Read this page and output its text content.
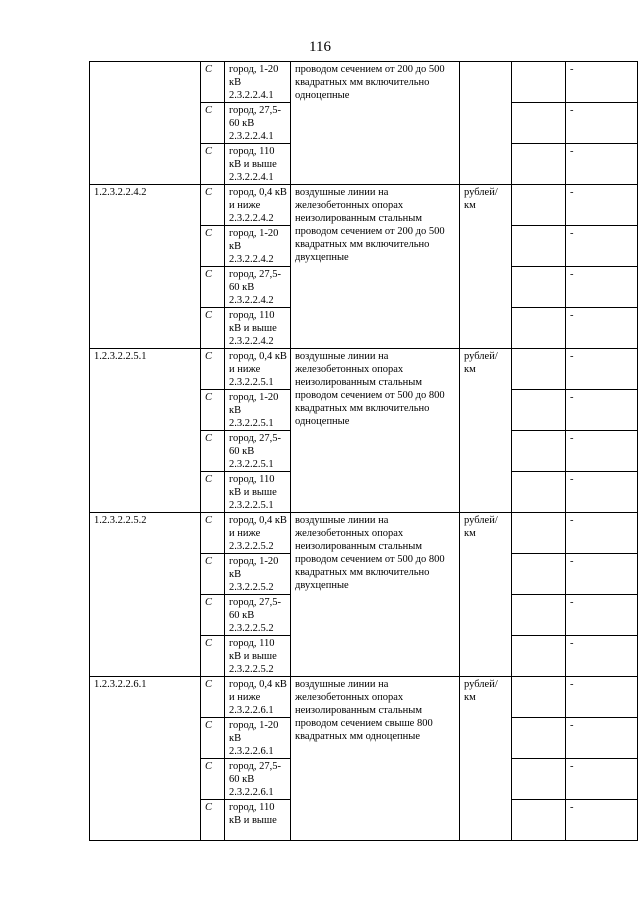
116
	С	город, 1-20 кВ 2.3.2.2.4.1	проводом сечением от 200 до 500 квадратных мм включительно одноцепные			-
	С	город, 27,5-60 кВ 2.3.2.2.4.1				-
	С	город, 110 кВ и выше 2.3.2.2.4.1				-
1.2.3.2.2.4.2	С	город, 0,4 кВ и ниже 2.3.2.2.4.2	воздушные линии на железобетонных опорах неизолированным стальным проводом сечением от 200 до 500 квадратных мм включительно двухцепные	рублей/км		-
	С	город, 1-20 кВ 2.3.2.2.4.2				-
	С	город, 27,5-60 кВ 2.3.2.2.4.2				-
	С	город, 110 кВ и выше 2.3.2.2.4.2				-
1.2.3.2.2.5.1	С	город, 0,4 кВ и ниже 2.3.2.2.5.1	воздушные линии на железобетонных опорах неизолированным стальным проводом сечением от 500 до 800 квадратных мм включительно одноцепные	рублей/км		-
	С	город, 1-20 кВ 2.3.2.2.5.1				-
	С	город, 27,5-60 кВ 2.3.2.2.5.1				-
	С	город, 110 кВ и выше 2.3.2.2.5.1				-
1.2.3.2.2.5.2	С	город, 0,4 кВ и ниже 2.3.2.2.5.2	воздушные линии на железобетонных опорах неизолированным стальным проводом сечением от 500 до 800 квадратных мм включительно двухцепные	рублей/км		-
	С	город, 1-20 кВ 2.3.2.2.5.2				-
	С	город, 27,5-60 кВ 2.3.2.2.5.2				-
	С	город, 110 кВ и выше 2.3.2.2.5.2				-
1.2.3.2.2.6.1	С	город, 0,4 кВ и ниже 2.3.2.2.6.1	воздушные линии на железобетонных опорах неизолированным стальным проводом сечением свыше 800 квадратных мм одноцепные	рублей/км		-
	С	город, 1-20 кВ 2.3.2.2.6.1				-
	С	город, 27,5-60 кВ 2.3.2.2.6.1				-
	С	город, 110 кВ и выше				-
